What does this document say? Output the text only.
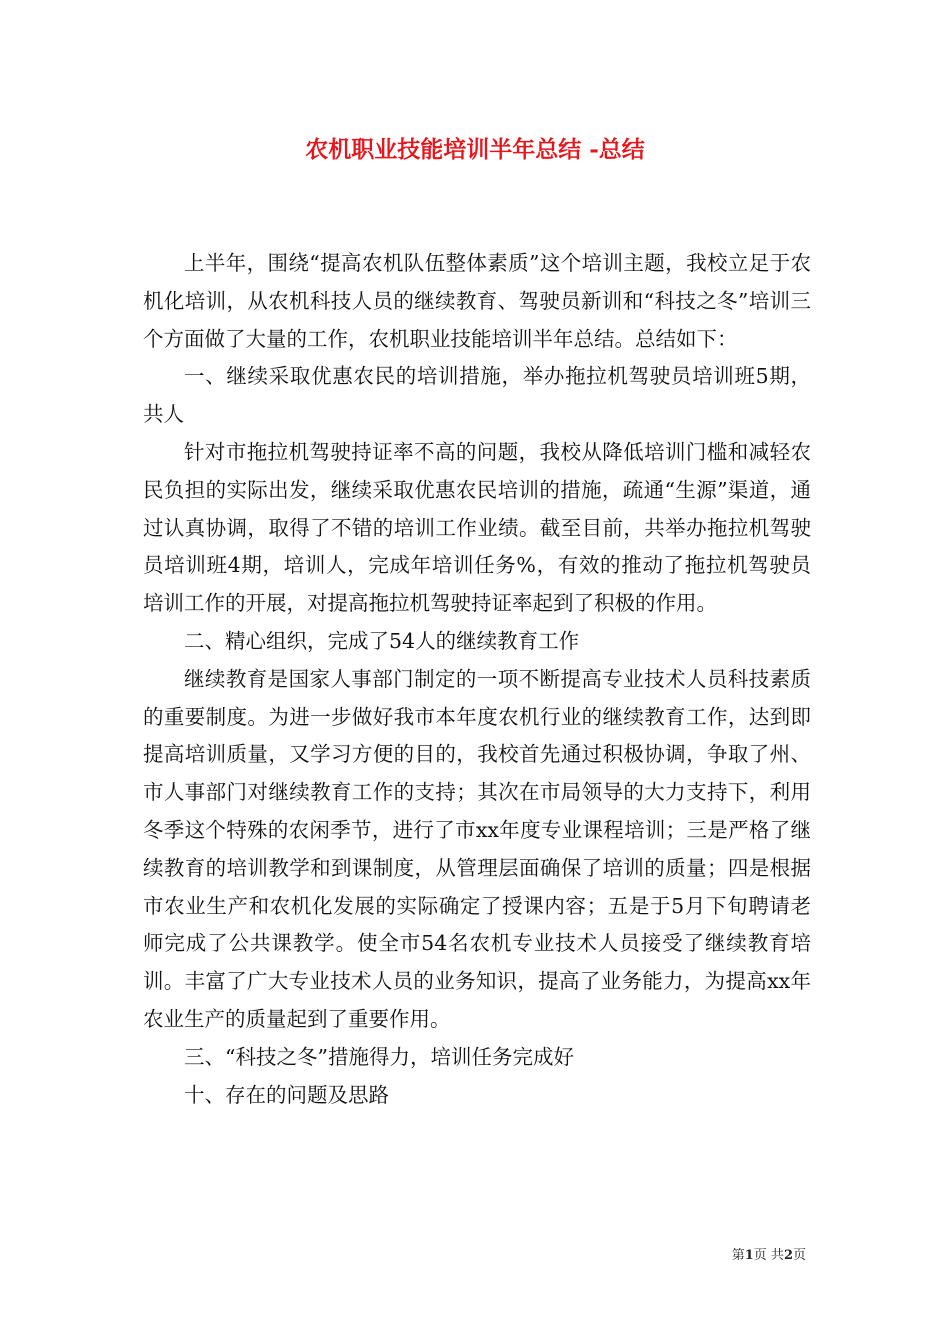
农机职业技能培训半年总结 -总结

上半年，围绕“提高农机队伍整体素质”这个培训主题，我校立足于农机化培训，从农机科技人员的继续教育、驾驶员新训和“科技之冬”培训三个方面做了大量的工作，农机职业技能培训半年总结。总结如下：

一、继续采取优惠农民的培训措施，举办拖拉机驾驶员培训班5期，共人

针对市拖拉机驾驶持证率不高的问题，我校从降低培训门槛和减轻农民负担的实际出发，继续采取优惠农民培训的措施，疏通“生源”渠道，通过认真协调，取得了不错的培训工作业绩。截至目前，共举办拖拉机驾驶员培训班4期，培训人，完成年培训任务%，有效的推动了拖拉机驾驶员培训工作的开展，对提高拖拉机驾驶持证率起到了积极的作用。

二、精心组织，完成了54人的继续教育工作

继续教育是国家人事部门制定的一项不断提高专业技术人员科技素质的重要制度。为进一步做好我市本年度农机行业的继续教育工作，达到即提高培训质量，又学习方便的目的，我校首先通过积极协调，争取了州、市人事部门对继续教育工作的支持；其次在市局领导的大力支持下，利用冬季这个特殊的农闲季节，进行了市xx年度专业课程培训；三是严格了继续教育的培训教学和到课制度，从管理层面确保了培训的质量；四是根据市农业生产和农机化发展的实际确定了授课内容；五是于5月下旬聘请老师完成了公共课教学。使全市54名农机专业技术人员接受了继续教育培训。丰富了广大专业技术人员的业务知识，提高了业务能力，为提高xx年农业生产的质量起到了重要作用。

三、“科技之冬”措施得力，培训任务完成好

十、存在的问题及思路

第1页 共2页
